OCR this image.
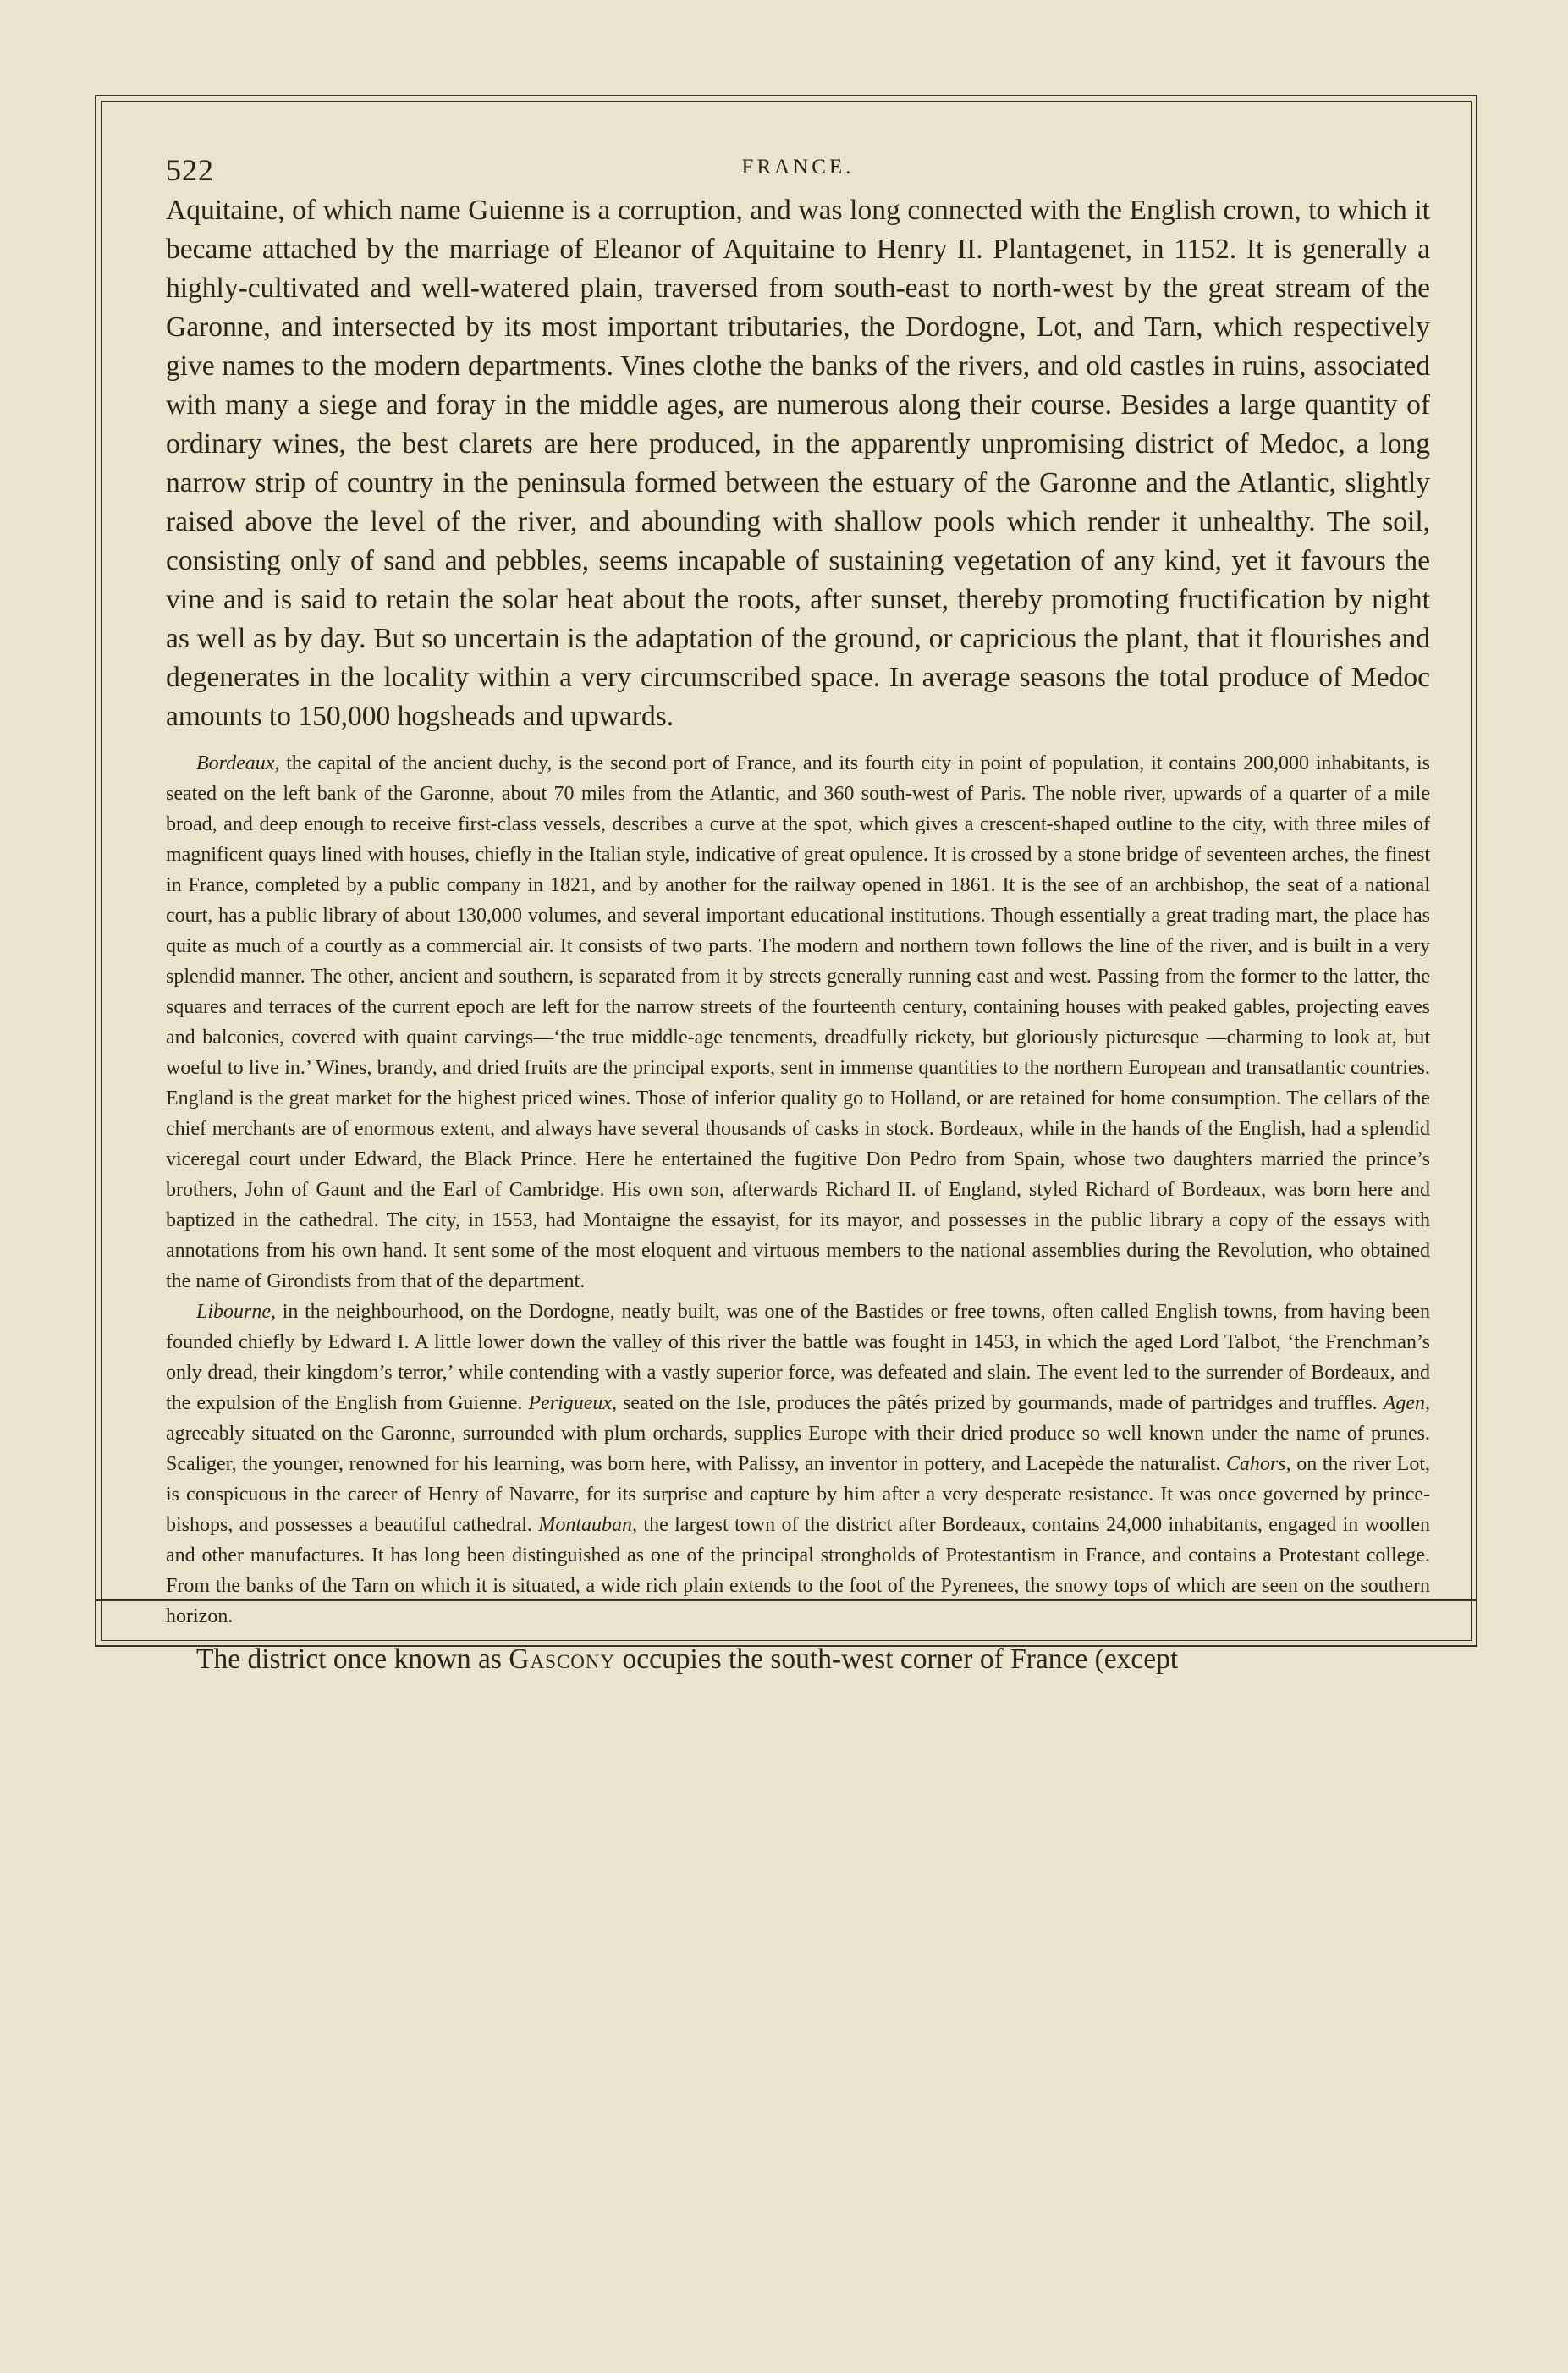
522	FRANCE.

Aquitaine, of which name Guienne is a corruption, and was long connected with the English crown, to which it became attached by the marriage of Eleanor of Aquitaine to Henry II. Plantagenet, in 1152. It is generally a highly-cultivated and well-watered plain, traversed from south-east to north-west by the great stream of the Garonne, and intersected by its most important tributaries, the Dordogne, Lot, and Tarn, which respectively give names to the modern departments. Vines clothe the banks of the rivers, and old castles in ruins, associated with many a siege and foray in the middle ages, are numerous along their course. Besides a large quantity of ordinary wines, the best clarets are here produced, in the apparently unpromising district of Medoc, a long narrow strip of country in the peninsula formed between the estuary of the Garonne and the Atlantic, slightly raised above the level of the river, and abounding with shallow pools which render it unhealthy. The soil, consisting only of sand and pebbles, seems incapable of sustaining vegetation of any kind, yet it favours the vine and is said to retain the solar heat about the roots, after sunset, thereby promoting fructification by night as well as by day. But so uncertain is the adaptation of the ground, or capricious the plant, that it flourishes and degenerates in the locality within a very circumscribed space. In average seasons the total produce of Medoc amounts to 150,000 hogsheads and upwards.

Bordeaux, the capital of the ancient duchy, is the second port of France, and its fourth city in point of population, it contains 200,000 inhabitants, is seated on the left bank of the Garonne, about 70 miles from the Atlantic, and 360 south-west of Paris. The noble river, upwards of a quarter of a mile broad, and deep enough to receive first-class vessels, describes a curve at the spot, which gives a crescent-shaped outline to the city, with three miles of magnificent quays lined with houses, chiefly in the Italian style, indicative of great opulence. It is crossed by a stone bridge of seventeen arches, the finest in France, completed by a public company in 1821, and by another for the railway opened in 1861. It is the see of an archbishop, the seat of a national court, has a public library of about 130,000 volumes, and several important educational institutions. Though essentially a great trading mart, the place has quite as much of a courtly as a commercial air. It consists of two parts. The modern and northern town follows the line of the river, and is built in a very splendid manner. The other, ancient and southern, is separated from it by streets generally running east and west. Passing from the former to the latter, the squares and terraces of the current epoch are left for the narrow streets of the fourteenth century, containing houses with peaked gables, projecting eaves and balconies, covered with quaint carvings—‘the true middle-age tenements, dreadfully rickety, but gloriously picturesque —charming to look at, but woeful to live in.’ Wines, brandy, and dried fruits are the principal exports, sent in immense quantities to the northern European and transatlantic countries. England is the great market for the highest priced wines. Those of inferior quality go to Holland, or are retained for home consumption. The cellars of the chief merchants are of enormous extent, and always have several thousands of casks in stock. Bordeaux, while in the hands of the English, had a splendid viceregal court under Edward, the Black Prince. Here he entertained the fugitive Don Pedro from Spain, whose two daughters married the prince’s brothers, John of Gaunt and the Earl of Cambridge. His own son, afterwards Richard II. of England, styled Richard of Bordeaux, was born here and baptized in the cathedral. The city, in 1553, had Montaigne the essayist, for its mayor, and possesses in the public library a copy of the essays with annotations from his own hand. It sent some of the most eloquent and virtuous members to the national assemblies during the Revolution, who obtained the name of Girondists from that of the department.

Libourne, in the neighbourhood, on the Dordogne, neatly built, was one of the Bastides or free towns, often called English towns, from having been founded chiefly by Edward I. A little lower down the valley of this river the battle was fought in 1453, in which the aged Lord Talbot, ‘the Frenchman’s only dread, their kingdom’s terror,’ while contending with a vastly superior force, was defeated and slain. The event led to the surrender of Bordeaux, and the expulsion of the English from Guienne. Perigueux, seated on the Isle, produces the pâtés prized by gourmands, made of partridges and truffles. Agen, agreeably situated on the Garonne, surrounded with plum orchards, supplies Europe with their dried produce so well known under the name of prunes. Scaliger, the younger, renowned for his learning, was born here, with Palissy, an inventor in pottery, and Lacepède the naturalist. Cahors, on the river Lot, is conspicuous in the career of Henry of Navarre, for its surprise and capture by him after a very desperate resistance. It was once governed by prince-bishops, and possesses a beautiful cathedral. Montauban, the largest town of the district after Bordeaux, contains 24,000 inhabitants, engaged in woollen and other manufactures. It has long been distinguished as one of the principal strongholds of Protestantism in France, and contains a Protestant college. From the banks of the Tarn on which it is situated, a wide rich plain extends to the foot of the Pyrenees, the snowy tops of which are seen on the southern horizon.

The district once known as Gascony occupies the south-west corner of France (except
